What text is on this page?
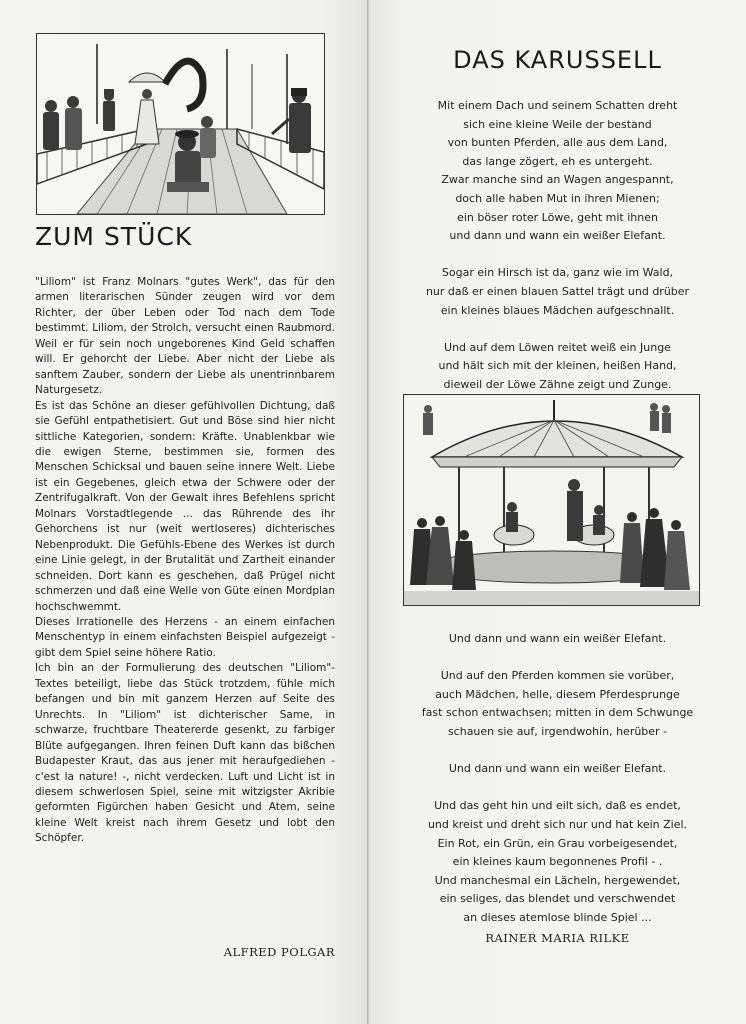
ZUM STÜCK

"Liliom" ist Franz Molnars "gutes Werk", das für den armen literarischen Sünder zeugen wird vor dem Richter, der über Leben oder Tod nach dem Tode bestimmt. Liliom, der Strolch, versucht einen Raubmord. Weil er für sein noch ungeborenes Kind Geld schaffen will. Er gehorcht der Liebe. Aber nicht der Liebe als sanftem Zauber, sondern der Liebe als unentrinnbarem Naturgesetz.

Es ist das Schöne an dieser gefühlvollen Dichtung, daß sie Gefühl entpathetisiert. Gut und Böse sind hier nicht sittliche Kategorien, sondern: Kräfte. Unablenkbar wie die ewigen Sterne, bestimmen sie, formen des Menschen Schicksal und bauen seine innere Welt. Liebe ist ein Gegebenes, gleich etwa der Schwere oder der Zentrifugalkraft. Von der Gewalt ihres Befehlens spricht Molnars Vorstadtlegende ... das Rührende des ihr Gehorchens ist nur (weit wertloseres) dichterisches Nebenprodukt. Die Gefühls-Ebene des Werkes ist durch eine Linie gelegt, in der Brutalität und Zartheit einander schneiden. Dort kann es geschehen, daß Prügel nicht schmerzen und daß eine Welle von Güte einen Mordplan hochschwemmt.

Dieses Irrationelle des Herzens - an einem einfachen Menschentyp in einem einfachsten Beispiel aufgezeigt - gibt dem Spiel seine höhere Ratio.

Ich bin an der Formulierung des deutschen "Liliom"-Textes beteiligt, liebe das Stück trotzdem, fühle mich befangen und bin mit ganzem Herzen auf Seite des Unrechts. In "Liliom" ist dichterischer Same, in schwarze, fruchtbare Theatererde gesenkt, zu farbiger Blüte aufgegangen. Ihren feinen Duft kann das bißchen Budapester Kraut, das aus jener mit heraufgediehen - c'est la nature! -, nicht verdecken. Luft und Licht ist in diesem schwerlosen Spiel, seine mit witzigster Akribie geformten Figürchen haben Gesicht und Atem, seine kleine Welt kreist nach ihrem Gesetz und lobt den Schöpfer.

ALFRED POLGAR
DAS KARUSSELL
Mit einem Dach und seinem Schatten dreht
sich eine kleine Weile der bestand
von bunten Pferden, alle aus dem Land,
das lange zögert, eh es untergeht.
Zwar manche sind an Wagen angespannt,
doch alle haben Mut in ihren Mienen;
ein böser roter Löwe, geht mit ihnen
und dann und wann ein weißer Elefant.
Sogar ein Hirsch ist da, ganz wie im Wald,
nur daß er einen blauen Sattel trägt und drüber
ein kleines blaues Mädchen aufgeschnallt.
Und auf dem Löwen reitet weiß ein Junge
und hält sich mit der kleinen, heißen Hand,
dieweil der Löwe Zähne zeigt und Zunge.
Und dann und wann ein weißer Elefant.
Und auf den Pferden kommen sie vorüber,
auch Mädchen, helle, diesem Pferdesprunge
fast schon entwachsen; mitten in dem Schwunge
schauen sie auf, irgendwohin, herüber -
Und dann und wann ein weißer Elefant.
Und das geht hin und eilt sich, daß es endet,
und kreist und dreht sich nur und hat kein Ziel.
Ein Rot, ein Grün, ein Grau vorbeigesendet,
ein kleines kaum begonnenes Profil - .
Und manchesmal ein Lächeln, hergewendet,
ein seliges, das blendet und verschwendet
an dieses atemlose blinde Spiel ...
RAINER MARIA RILKE
